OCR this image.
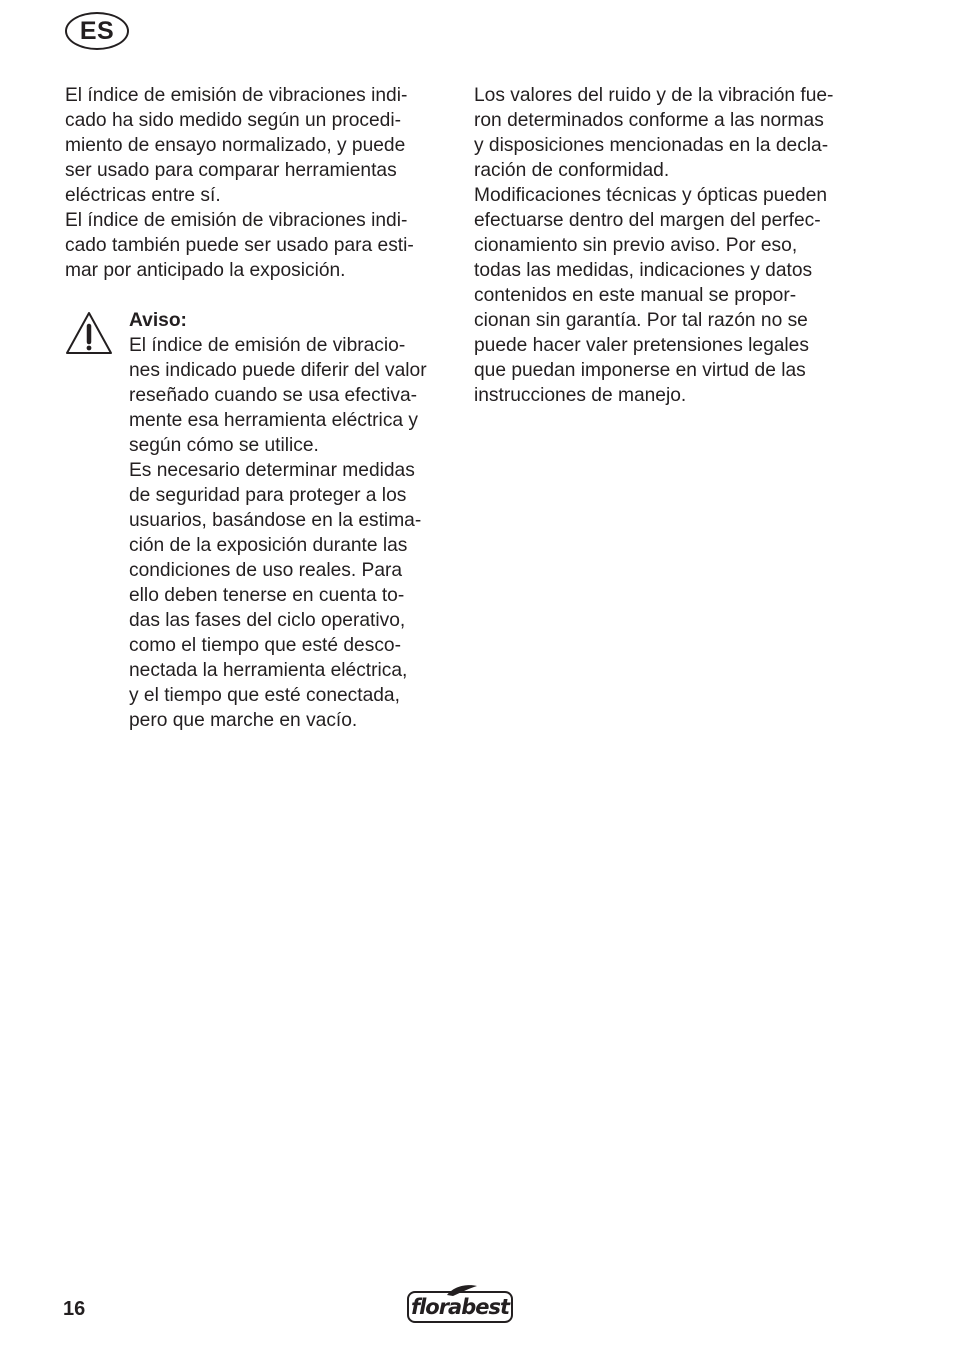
ES
El índice de emisión de vibraciones indi-
cado ha sido medido según un procedi-
miento de ensayo normalizado, y puede
ser usado para comparar herramientas
eléctricas entre sí.
El índice de emisión de vibraciones indi-
cado también puede ser usado para esti-
mar por anticipado la exposición.
Aviso:
El índice de emisión de vibracio-
nes indicado puede diferir del valor
reseñado cuando se usa efectiva-
mente esa herramienta eléctrica y
según cómo se utilice.
Es necesario determinar medidas
de seguridad para proteger a los
usuarios, basándose en la estima-
ción de la exposición durante las
condiciones de uso reales. Para
ello deben tenerse en cuenta to-
das las fases del ciclo operativo,
como el tiempo que esté desco-
nectada la herramienta eléctrica,
y el tiempo que esté conectada,
pero que marche en vacío.
Los valores del ruido y de la vibración fue-
ron determinados conforme a las normas
y disposiciones mencionadas en la decla-
ración de conformidad.
Modificaciones técnicas y ópticas pueden
efectuarse dentro del margen del perfec-
cionamiento sin previo aviso. Por eso,
todas las medidas, indicaciones y datos
contenidos en este manual se propor-
cionan sin garantía. Por tal razón no se
puede hacer valer pretensiones legales
que puedan imponerse en virtud de las
instrucciones de manejo.
16	florabest
